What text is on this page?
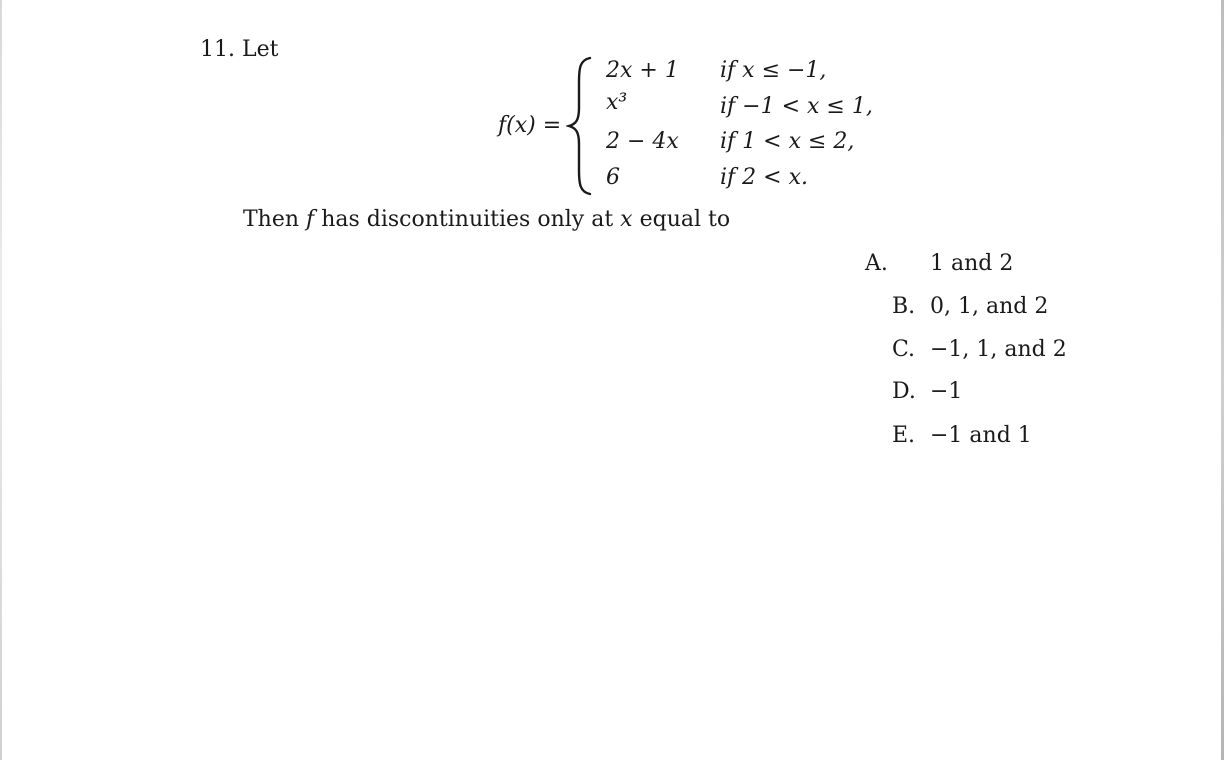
11. Let
f(x) =
2x + 1
x³
2 − 4x
6
if x ≤ −1,
if −1 < x ≤ 1,
if 1 < x ≤ 2,
if 2 < x.
Then f has discontinuities only at x equal to
A. 1 and 2
B. 0, 1, and 2
C. −1, 1, and 2
D. −1
E. −1 and 1
